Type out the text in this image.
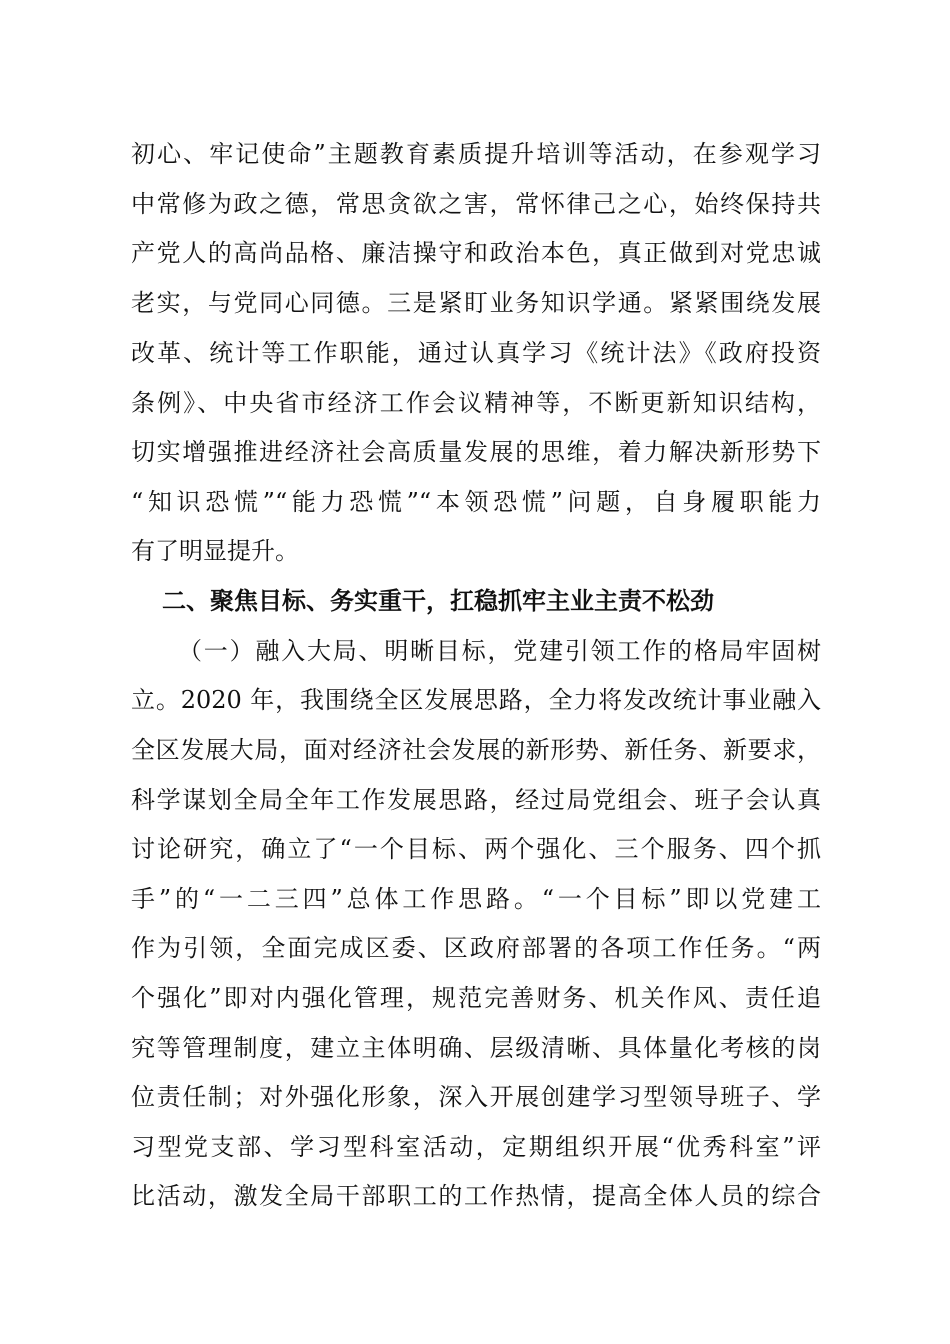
初心、牢记使命”主题教育素质提升培训等活动，在参观学习
中常修为政之德，常思贪欲之害，常怀律己之心，始终保持共
产党人的高尚品格、廉洁操守和政治本色，真正做到对党忠诚
老实，与党同心同德。三是紧盯业务知识学通。紧紧围绕发展
改革、统计等工作职能，通过认真学习《统计法》《政府投资
条例》、中央省市经济工作会议精神等，不断更新知识结构，
切实增强推进经济社会高质量发展的思维，着力解决新形势下
“知识恐慌”“能力恐慌”“本领恐慌”问题，自身履职能力
有了明显提升。
二、聚焦目标、务实重干，扛稳抓牢主业主责不松劲
（一）融入大局、明晰目标，党建引领工作的格局牢固树
立。2020 年，我围绕全区发展思路，全力将发改统计事业融入
全区发展大局，面对经济社会发展的新形势、新任务、新要求，
科学谋划全局全年工作发展思路，经过局党组会、班子会认真
讨论研究，确立了“一个目标、两个强化、三个服务、四个抓
手”的“一二三四”总体工作思路。“一个目标”即以党建工
作为引领，全面完成区委、区政府部署的各项工作任务。“两
个强化”即对内强化管理，规范完善财务、机关作风、责任追
究等管理制度，建立主体明确、层级清晰、具体量化考核的岗
位责任制；对外强化形象，深入开展创建学习型领导班子、学
习型党支部、学习型科室活动，定期组织开展“优秀科室”评
比活动，激发全局干部职工的工作热情，提高全体人员的综合
